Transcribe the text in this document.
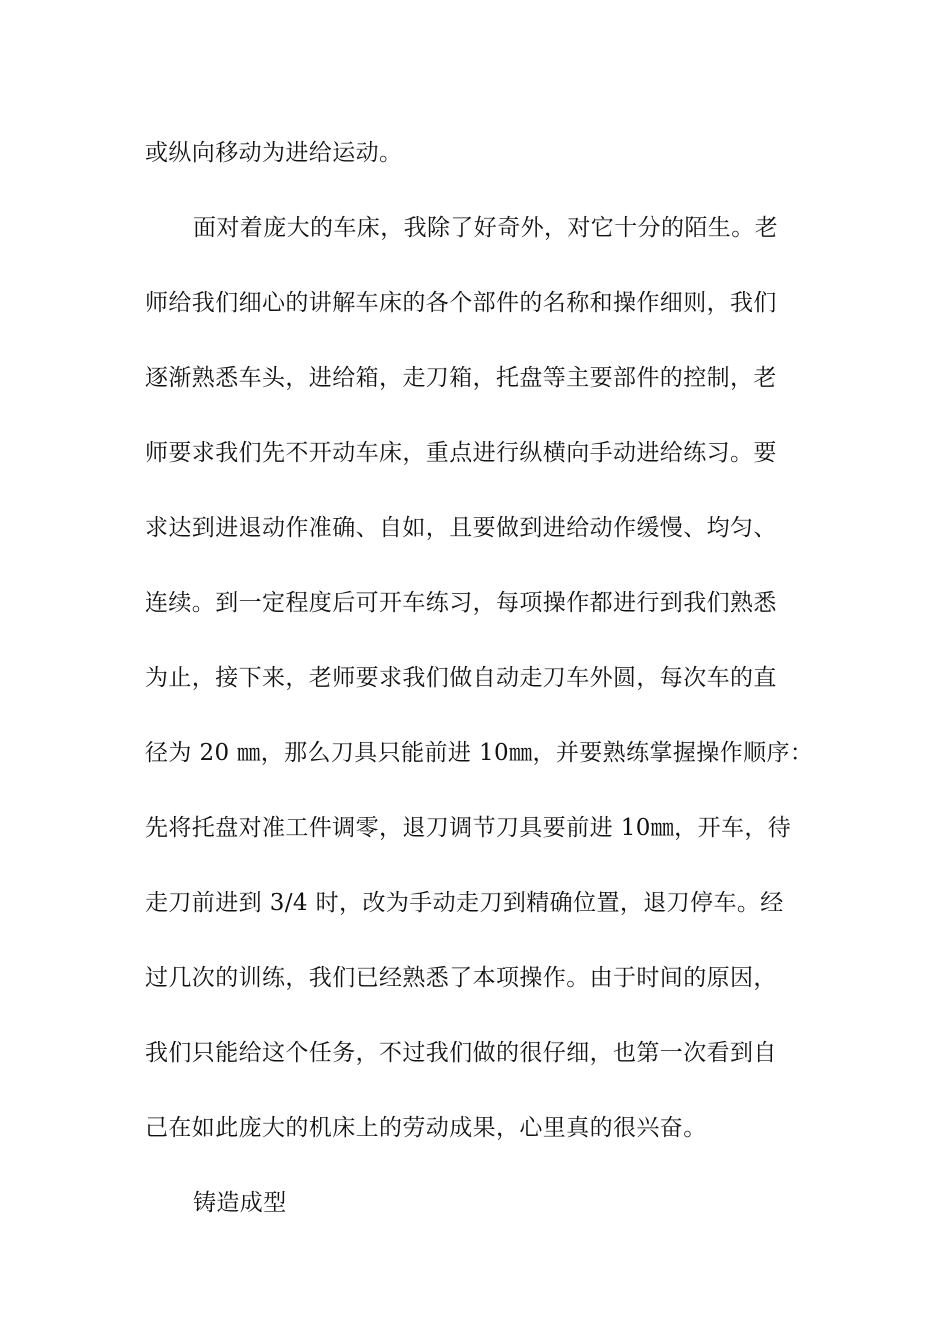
或纵向移动为进给运动。
面对着庞大的车床，我除了好奇外，对它十分的陌生。老
师给我们细心的讲解车床的各个部件的名称和操作细则，我们
逐渐熟悉车头，进给箱，走刀箱，托盘等主要部件的控制，老
师要求我们先不开动车床，重点进行纵横向手动进给练习。要
求达到进退动作准确、自如，且要做到进给动作缓慢、均匀、
连续。到一定程度后可开车练习，每项操作都进行到我们熟悉
为止，接下来，老师要求我们做自动走刀车外圆，每次车的直
径为 20 ㎜，那么刀具只能前进 10㎜，并要熟练掌握操作顺序：
先将托盘对准工件调零，退刀调节刀具要前进 10㎜，开车，待
走刀前进到 3/4 时，改为手动走刀到精确位置，退刀停车。经
过几次的训练，我们已经熟悉了本项操作。由于时间的原因，
我们只能给这个任务，不过我们做的很仔细，也第一次看到自
己在如此庞大的机床上的劳动成果，心里真的很兴奋。
铸造成型
